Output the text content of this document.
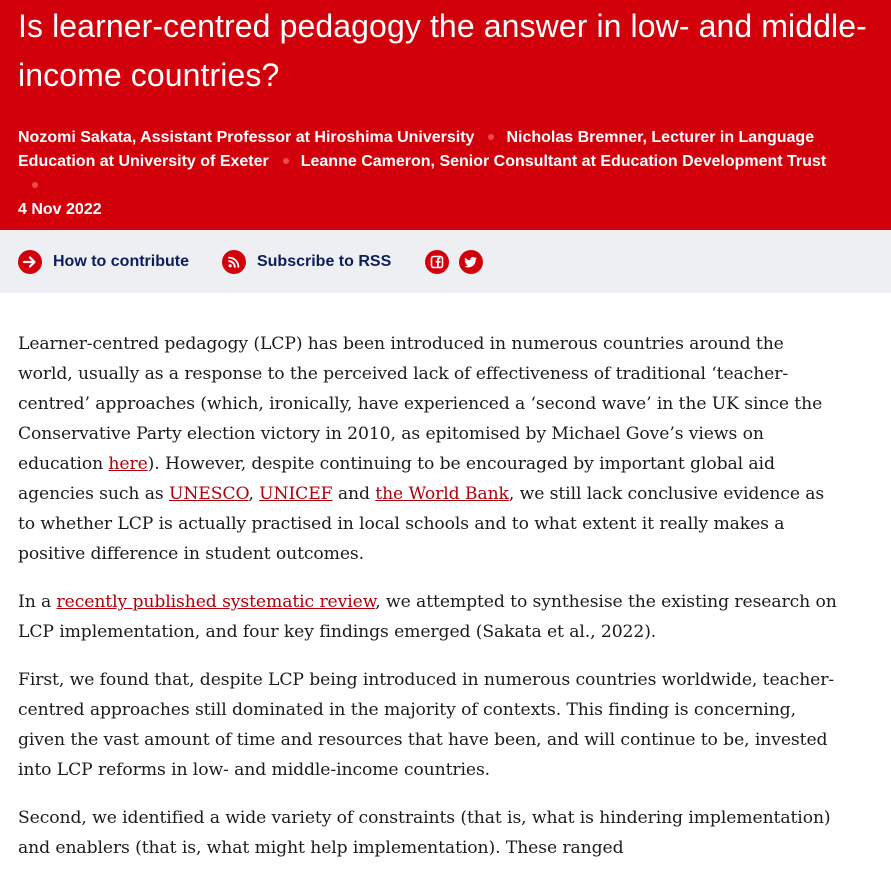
Is learner-centred pedagogy the answer in low- and middle-income countries?
Nozomi Sakata, Assistant Professor at Hiroshima University Nicholas Bremner, Lecturer in Language Education at University of Exeter Leanne Cameron, Senior Consultant at Education Development Trust
4 Nov 2022
How to contribute	Subscribe to RSS

Learner-centred pedagogy (LCP) has been introduced in numerous countries around the world, usually as a response to the perceived lack of effectiveness of traditional ‘teacher-centred’ approaches (which, ironically, have experienced a ‘second wave’ in the UK since the Conservative Party election victory in 2010, as epitomised by Michael Gove’s views on education here). However, despite continuing to be encouraged by important global aid agencies such as UNESCO, UNICEF and the World Bank, we still lack conclusive evidence as to whether LCP is actually practised in local schools and to what extent it really makes a positive difference in student outcomes.

In a recently published systematic review, we attempted to synthesise the existing research on LCP implementation, and four key findings emerged (Sakata et al., 2022).

First, we found that, despite LCP being introduced in numerous countries worldwide, teacher-centred approaches still dominated in the majority of contexts. This finding is concerning, given the vast amount of time and resources that have been, and will continue to be, invested into LCP reforms in low- and middle-income countries.

Second, we identified a wide variety of constraints (that is, what is hindering implementation) and enablers (that is, what might help implementation). These ranged
